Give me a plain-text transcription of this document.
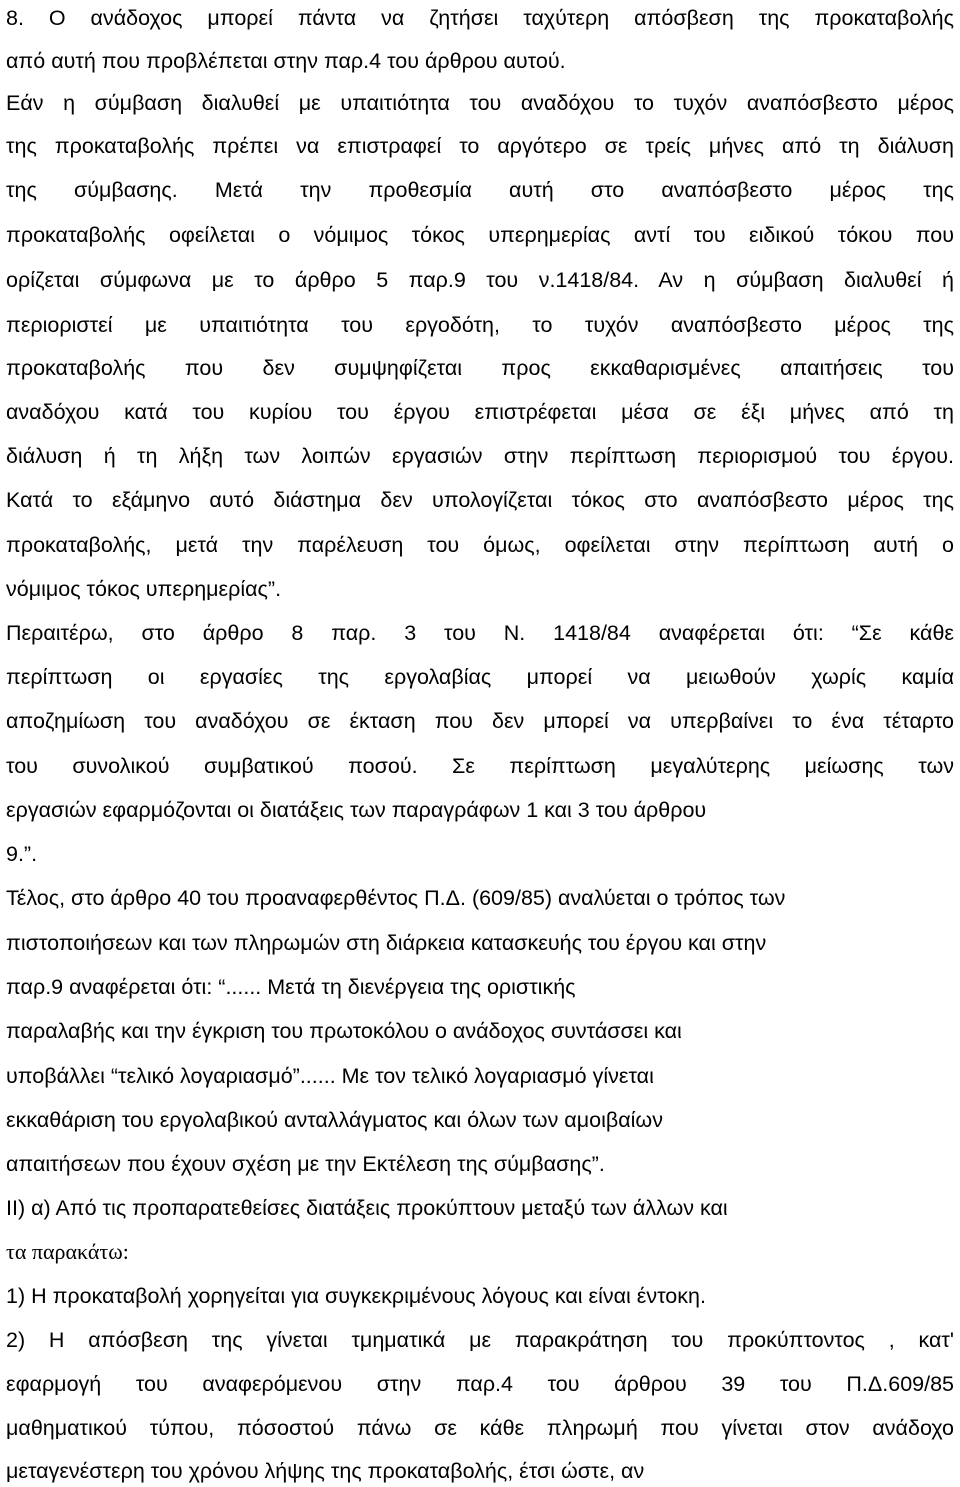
8. Ο ανάδοχος μπορεί πάντα να ζητήσει ταχύτερη απόσβεση της προκαταβολής
από αυτή που προβλέπεται στην παρ.4 του άρθρου αυτού.
Εάν η σύμβαση διαλυθεί με υπαιτιότητα του αναδόχου το τυχόν αναπόσβεστο μέρος
της προκαταβολής πρέπει να επιστραφεί το αργότερο σε τρείς μήνες από τη διάλυση
της σύμβασης. Μετά την προθεσμία αυτή στο αναπόσβεστο μέρος της
προκαταβολής οφείλεται ο νόμιμος τόκος υπερημερίας αντί του ειδικού τόκου που
ορίζεται σύμφωνα με το άρθρο 5 παρ.9 του ν.1418/84. Αν η σύμβαση διαλυθεί ή
περιοριστεί με υπαιτιότητα του εργοδότη, το τυχόν αναπόσβεστο μέρος της
προκαταβολής που δεν συμψηφίζεται προς εκκαθαρισμένες απαιτήσεις του
αναδόχου κατά του κυρίου του έργου επιστρέφεται μέσα σε έξι μήνες από τη
διάλυση ή τη λήξη των λοιπών εργασιών στην περίπτωση περιορισμού του έργου.
Κατά το εξάμηνο αυτό διάστημα δεν υπολογίζεται τόκος στο αναπόσβεστο μέρος της
προκαταβολής, μετά την παρέλευση του όμως, οφείλεται στην περίπτωση αυτή ο
νόμιμος τόκος υπερημερίας”.
Περαιτέρω, στο άρθρο 8 παρ. 3 του Ν. 1418/84 αναφέρεται ότι: “Σε κάθε
περίπτωση οι εργασίες της εργολαβίας μπορεί να μειωθούν χωρίς καμία
αποζημίωση του αναδόχου σε έκταση που δεν μπορεί να υπερβαίνει το ένα τέταρτο
του συνολικού συμβατικού ποσού. Σε περίπτωση μεγαλύτερης μείωσης των
εργασιών εφαρμόζονται οι διατάξεις των παραγράφων 1 και 3 του άρθρου
9.”.
Τέλος, στο άρθρο 40 του προαναφερθέντος Π.Δ. (609/85) αναλύεται ο τρόπος των
πιστοποιήσεων και των πληρωμών στη διάρκεια κατασκευής του έργου και στην
παρ.9 αναφέρεται ότι: “...... Μετά τη διενέργεια της οριστικής
παραλαβής και την έγκριση του πρωτοκόλου ο ανάδοχος συντάσσει και
υποβάλλει “τελικό λογαριασμό”...... Με τον τελικό λογαριασμό γίνεται
εκκαθάριση του εργολαβικού ανταλλάγματος και όλων των αμοιβαίων
απαιτήσεων που έχουν σχέση με την Εκτέλεση της σύμβασης”.
ΙΙ) α) Από τις προπαρατεθείσες διατάξεις προκύπτουν μεταξύ των άλλων και
τα παρακάτω:
1) Η προκαταβολή χορηγείται για συγκεκριμένους λόγους και είναι έντοκη.
2) Η απόσβεση της γίνεται τμηματικά με παρακράτηση του προκύπτοντος , κατ'
εφαρμογή του αναφερόμενου στην παρ.4 του άρθρου 39 του Π.Δ.609/85
μαθηματικού τύπου, πόσοστού πάνω σε κάθε πληρωμή που γίνεται στον ανάδοχο
μεταγενέστερη του χρόνου λήψης της προκαταβολής, έτσι ώστε, αν
